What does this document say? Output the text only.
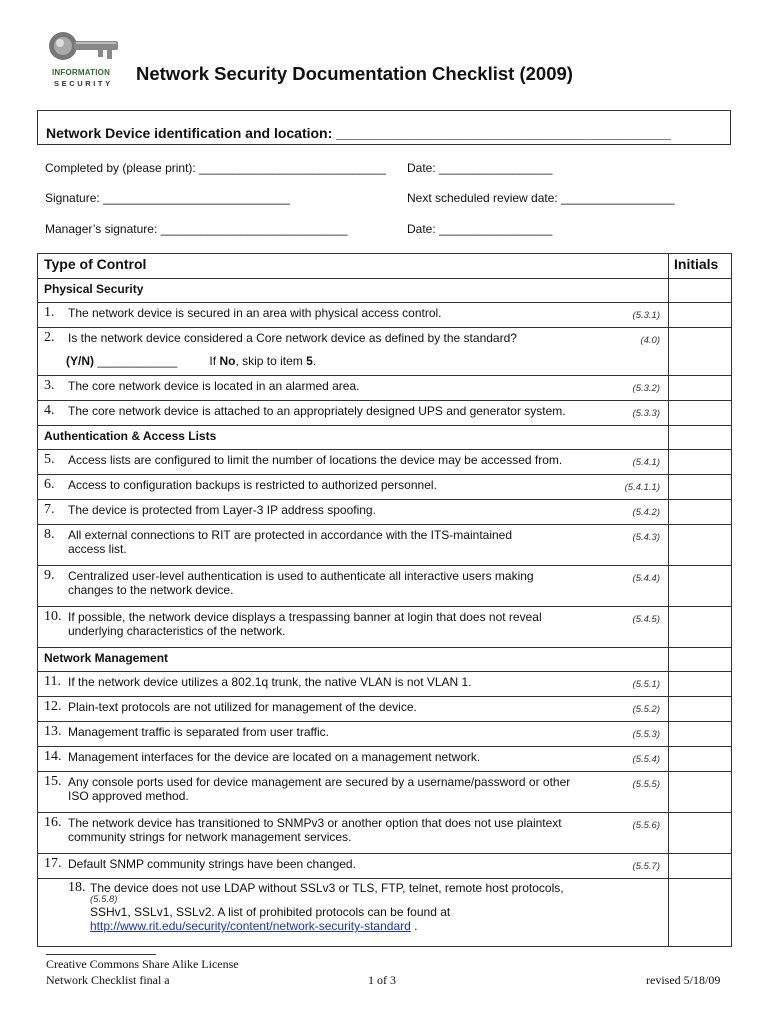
INFORMATION
SECURITY Network Security Documentation Checklist (2009)
Network Device identification and location: ___________________________________________
Completed by (please print): ____________________________ Date: _________________
Signature: ____________________________	Next scheduled review date: _________________
Manager’s signature: ____________________________	Date: _________________
Type of Control	Initials
Physical Security	

1. (5.3.1)
The network device is secured in an area with physical access control.	

2. (4.0)
Is the network device considered a Core network device as defined by the standard?
(Y/N) ____________ If No, skip to item 5.	

3. (5.3.2)
The core network device is located in an alarmed area.	

4. (5.3.3)
The core network device is attached to an appropriately designed UPS and generator system.	

Authentication & Access Lists	

5. (5.4.1)
Access lists are configured to limit the number of locations the device may be accessed from.	

6. (5.4.1.1)
Access to configuration backups is restricted to authorized personnel.	

7. (5.4.2)
The device is protected from Layer-3 IP address spoofing.	

8. (5.4.3)
All external connections to RIT are protected in accordance with the ITS-maintained access list.	

9. (5.4.4)
Centralized user-level authentication is used to authenticate all interactive users making changes to the network device.	

10. (5.4.5)
If possible, the network device displays a trespassing banner at login that does not reveal underlying characteristics of the network.	

Network Management	

11. (5.5.1)
If the network device utilizes a 802.1q trunk, the native VLAN is not VLAN 1.	

12. (5.5.2)
Plain-text protocols are not utilized for management of the device.	

13. (5.5.3)
Management traffic is separated from user traffic.	

14. (5.5.4)
Management interfaces for the device are located on a management network.	

15. (5.5.5)
Any console ports used for device management are secured by a username/password or other ISO approved method.	

16. (5.5.6)
The network device has transitioned to SNMPv3 or another option that does not use plaintext community strings for network management services.	

17. (5.5.7)
Default SNMP community strings have been changed.	

18. The device does not use LDAP without SSLv3 or TLS, FTP, telnet, remote host protocols,
(5.5.8)
SSHv1, SSLv1, SSLv2. A list of prohibited protocols can be found at
http://www.rit.edu/security/content/network-security-standard .	

Creative Commons Share Alike License
Network Checklist final a	1 of 3	revised 5/18/09
